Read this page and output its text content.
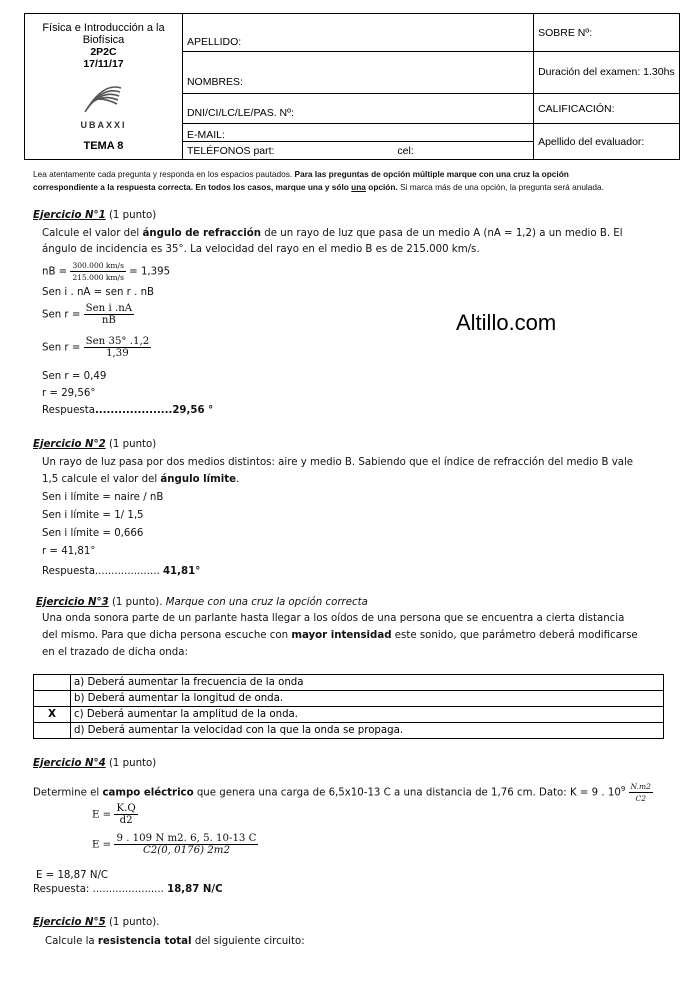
Física e Introducción a la Biofísica
2P2C
17/11/17
UBAXXI
TEMA 8	APELLIDO:	SOBRE Nº:
	NOMBRES:	Duración del examen: 1.30hs
	DNI/CI/LC/LE/PAS. Nº:	CALIFICACIÓN:
	E-MAIL:	Apellido del evaluador:
	TELÉFONOS part: cel:	
Lea atentamente cada pregunta y responda en los espacios pautados. Para las preguntas de opción múltiple marque con una cruz la opción
correspondiente a la respuesta correcta. En todos los casos, marque una y sólo una opción. Si marca más de una opción, la pregunta será anulada.
Altillo.com
Ejercicio N°1 (1 punto)
Calcule el valor del ángulo de refracción de un rayo de luz que pasa de un medio A (nA = 1,2) a un medio B. El
ángulo de incidencia es 35°. La velocidad del rayo en el medio B es de 215.000 km/s.
nB = $\frac{300.000 km/s}{215.000 km/s} = 1,395$
Sen i . nA = sen r . nB
Sen $r = \frac{\text{Sen i .nA}}{nB}$
Sen $r = \frac{\text{Sen 35° .1,2}}{1,39}$
Sen r = 0,49
r = 29,56°
Respuesta....................29,56 °
Ejercicio N°2 (1 punto)
Un rayo de luz pasa por dos medios distintos: aire y medio B. Sabiendo que el índice de refracción del medio B vale
1,5 calcule el valor del ángulo límite.
Sen i límite = naire / nB
Sen i límite = 1/ 1,5
Sen i límite = 0,666
r = 41,81°
Respuesta.................... 41,81°
Ejercicio N°3 (1 punto). Marque con una cruz la opción correcta
Una onda sonora parte de un parlante hasta llegar a los oídos de una persona que se encuentra a cierta distancia
del mismo. Para que dicha persona escuche con mayor intensidad este sonido, que parámetro deberá modificarse
en el trazado de dicha onda:
	a) Deberá aumentar la frecuencia de la onda
	b) Deberá aumentar la longitud de onda.
X	c) Deberá aumentar la amplitud de la onda.
	d) Deberá aumentar la velocidad con la que la onda se propaga.
Ejercicio N°4 (1 punto)
Determine el campo eléctrico que genera una carga de 6,5x10-13 C a una distancia de 1,76 cm. Dato: K = 9 . $10^9 \frac{N.m2}{C2}$
$E = \frac{K.Q}{d2}$
$E = \frac{\text{9 . 109 N m2. 6, 5. 10-13 C}}{C2(0, 0176) 2m2}$
E = 18,87 N/C
Respuesta: ...................... 18,87 N/C
Ejercicio N°5 (1 punto).
Calcule la resistencia total del siguiente circuito:
